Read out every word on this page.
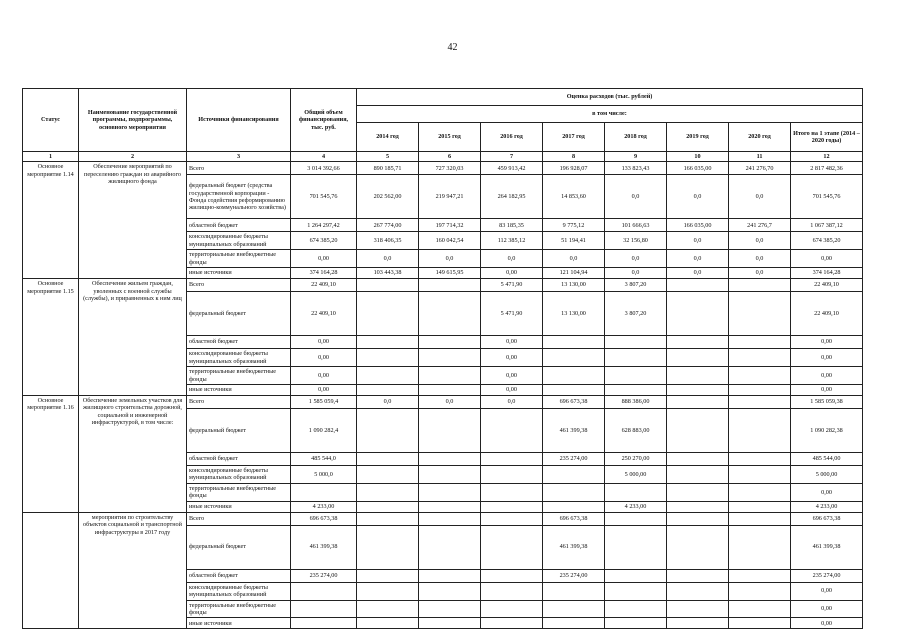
42
Статус	Наименование государственной программы, подпрограммы, основного мероприятия	Источники финансирования	Общий объем финансирования, тыс. руб.	Оценка расходов (тыс. рублей)							
				в том числе:							
				2014 год	2015 год	2016 год	2017 год	2018 год	2019 год	2020 год	Итого на 1 этапе (2014 – 2020 годы)
1	2	3	4	5	6	7	8	9	10	11	12
Основное мероприятие 1.14	Обеспечение мероприятий по переселению граждан из аварийного жилищного фонда	Всего	3 014 392,66	890 185,71	727 320,03	459 913,42	196 928,07	133 823,43	166 035,00	241 276,70	2 817 482,36
		федеральный бюджет (средства государственной корпорации - Фонда содействия реформированию жилищно-коммунального хозяйства)	701 545,76	202 562,00	219 947,21	264 182,95	14 853,60	0,0	0,0	0,0	701 545,76
		областной бюджет	1 264 297,42	267 774,00	197 714,32	83 185,35	9 775,12	101 666,63	166 035,00	241 276,7	1 067 387,12
		консолидированные бюджеты муниципальных образований	674 385,20	318 406,35	160 042,54	112 385,12	51 194,41	32 156,80	0,0	0,0	674 385,20
		территориальные внебюджетные фонды	0,00	0,0	0,0	0,0	0,0	0,0	0,0	0,0	0,00
		иные источники	374 164,28	103 443,38	149 615,95	0,00	121 104,94	0,0	0,0	0,0	374 164,28
Основное мероприятие 1.15	Обеспечение жильем граждан, уволенных с военной службы (службы), и приравненных к ним лиц	Всего	22 409,10			5 471,90	13 130,00	3 807,20			22 409,10
		федеральный бюджет	22 409,10			5 471,90	13 130,00	3 807,20			22 409,10
		областной бюджет	0,00			0,00					0,00
		консолидированные бюджеты муниципальных образований	0,00			0,00					0,00
		территориальные внебюджетные фонды	0,00			0,00					0,00
		иные источники	0,00			0,00					0,00
Основное мероприятие 1.16	Обеспечение земельных участков для жилищного строительства дорожной, социальной и инженерной инфраструктурой, в том числе:	Всего	1 585 059,4	0,0	0,0	0,0	696 673,38	888 386,00			1 585 059,38
		федеральный бюджет	1 090 282,4				461 399,38	628 883,00			1 090 282,38
		областной бюджет	485 544,0				235 274,00	250 270,00			485 544,00
		консолидированные бюджеты муниципальных образований	5 000,0					5 000,00			5 000,00
		территориальные внебюджетные фонды									0,00
		иные источники	4 233,00					4 233,00			4 233,00
	мероприятия по строительству объектов социальной и транспортной инфраструктуры в 2017 году	Всего	696 673,38				696 673,38				696 673,38
		федеральный бюджет	461 399,38				461 399,38				461 399,38
		областной бюджет	235 274,00				235 274,00				235 274,00
		консолидированные бюджеты муниципальных образований									0,00
		территориальные внебюджетные фонды									0,00
		иные источники									0,00
